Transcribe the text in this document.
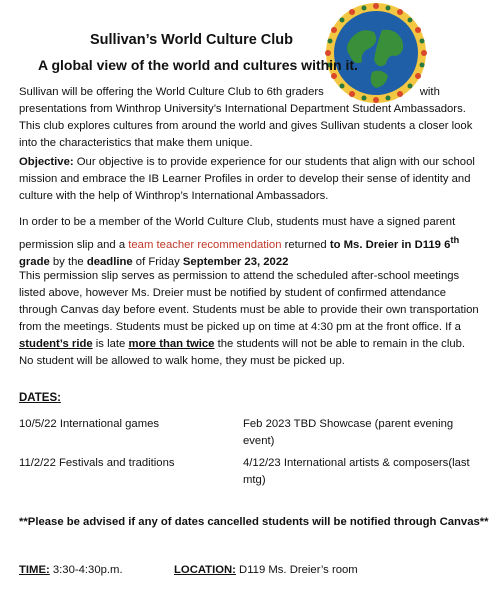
Sullivan’s World Culture Club
A global view of the world and cultures within it.
Sullivan will be offering the World Culture Club to 6th graders	with presentations from Winthrop University’s International Department Student Ambassadors. This club explores cultures from around the world and gives Sullivan students a closer look into the characteristics that make them unique.
Objective: Our objective is to provide experience for our students that align with our school mission and embrace the IB Learner Profiles in order to develop their sense of identity and culture with the help of Winthrop’s International Ambassadors.
In order to be a member of the World Culture Club, students must have a signed parent permission slip and a team teacher recommendation returned to Ms. Dreier in D119 6th grade by the deadline of Friday September 23, 2022
This permission slip serves as permission to attend the scheduled after-school meetings listed above, however Ms. Dreier must be notified by student of confirmed attendance through Canvas day before event. Students must be able to provide their own transportation from the meetings. Students must be picked up on time at 4:30 pm at the front office. If a student’s ride is late more than twice the students will not be able to remain in the club. No student will be allowed to walk home, they must be picked up.
DATES:
10/5/22 International games	Feb 2023 TBD Showcase (parent evening event)
11/2/22 Festivals and traditions	4/12/23 International artists & composers(last mtg)
**Please be advised if any of dates cancelled students will be notified through Canvas**
TIME: 3:30-4:30p.m.	LOCATION: D119 Ms. Dreier’s room
